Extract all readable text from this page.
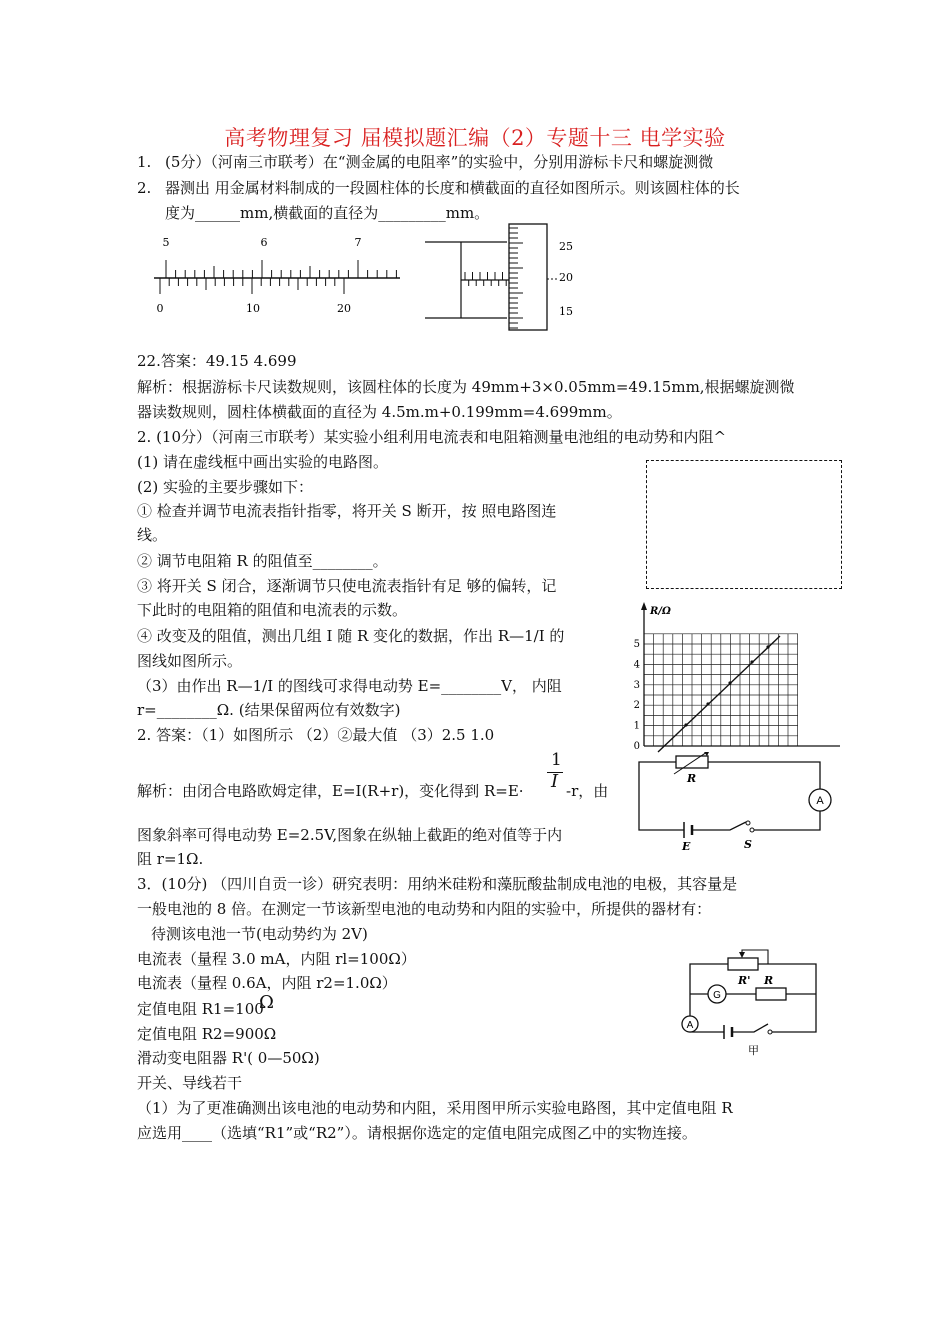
高考物理复习 届模拟题汇编（2）专题十三 电学实验
1. (5分）（河南三市联考）在“测金属的电阻率”的实验中，分别用游标卡尺和螺旋测微
2. 器测出 用金属材料制成的一段圆柱体的长度和横截面的直径如图所示。则该圆柱体的长
度为______mm,横截面的直径为_________mm。
5	6	7
0	10	20
25
20
15
22.答案：49.15 4.699
解析：根据游标卡尺读数规则，该圆柱体的长度为 49mm+3×0.05mm=49.15mm,根据螺旋测微
器读数规则，圆柱体横截面的直径为 4.5m.m+0.199mm=4.699mm。
2. (10分）（河南三市联考）某实验小组利用电流表和电阻箱测量电池组的电动势和内阻^
(1) 请在虚线框中画出实验的电路图。
(2) 实验的主要步骤如下：
① 检查并调节电流表指针指零，将开关 S 断开，按 照电路图连
线。
② 调节电阻箱 R 的阻值至________。
③ 将开关 S 闭合，逐渐调节只使电流表指针有足 够的偏转，记
下此时的电阻箱的阻值和电流表的示数。
④ 改变及的阻值，测出几组 I 随 R 变化的数据，作出 R—1/I 的
图线如图所示。
（3）由作出 R—1/I 的图线可求得电动势 E=________V， 内阻
r=________Ω. (结果保留两位有效数字)
2. 答案：（1）如图所示 （2）②最大值 （3）2.5 1.0
1
I
解析：由闭合电路欧姆定律，E=I(R+r)，变化得到 R=E·	-r，由
图象斜率可得电动势 E=2.5V,图象在纵轴上截距的绝对值等于内
阻 r=1Ω.
R/Ω
5
4
3
2
1
0
A
R
E	S
3．(10分) （四川自贡一诊）研究表明：用纳米硅粉和藻朊酸盐制成电池的电极，其容量是
一般电池的 8 倍。在测定一节该新型电池的电动势和内阻的实验中，所提供的器材有：
待测该电池一节(电动势约为 2V)
电流表（量程 3.0 mA，内阻 rl=100Ω）
电流表（量程 0.6A，内阻 r2=1.0Ω）
定值电阻 R1=100
Ω
定值电阻 R2=900Ω
滑动变电阻器 R'( 0—50Ω)
开关、导线若干
（1）为了更准确测出该电池的电动势和内阻，采用图甲所示实验电路图，其中定值电阻 R
应选用____（选填“R1”或“R2”）。请根据你选定的定值电阻完成图乙中的实物连接。
G
A
R' R
甲
